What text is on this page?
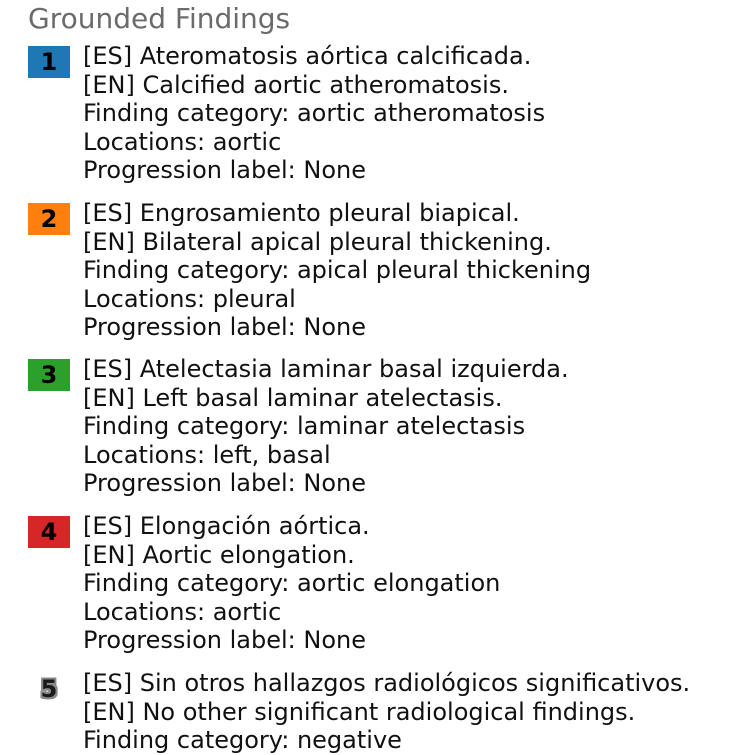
Grounded Findings
1 [ES] Ateromatosis aórtica calcificada.
[EN] Calcified aortic atheromatosis.
Finding category: aortic atheromatosis
Locations: aortic
Progression label: None
2 [ES] Engrosamiento pleural biapical.
[EN] Bilateral apical pleural thickening.
Finding category: apical pleural thickening
Locations: pleural
Progression label: None
3 [ES] Atelectasia laminar basal izquierda.
[EN] Left basal laminar atelectasis.
Finding category: laminar atelectasis
Locations: left, basal
Progression label: None
4 [ES] Elongación aórtica.
[EN] Aortic elongation.
Finding category: aortic elongation
Locations: aortic
Progression label: None
5 [ES] Sin otros hallazgos radiológicos significativos.
[EN] No other significant radiological findings.
Finding category: negative
